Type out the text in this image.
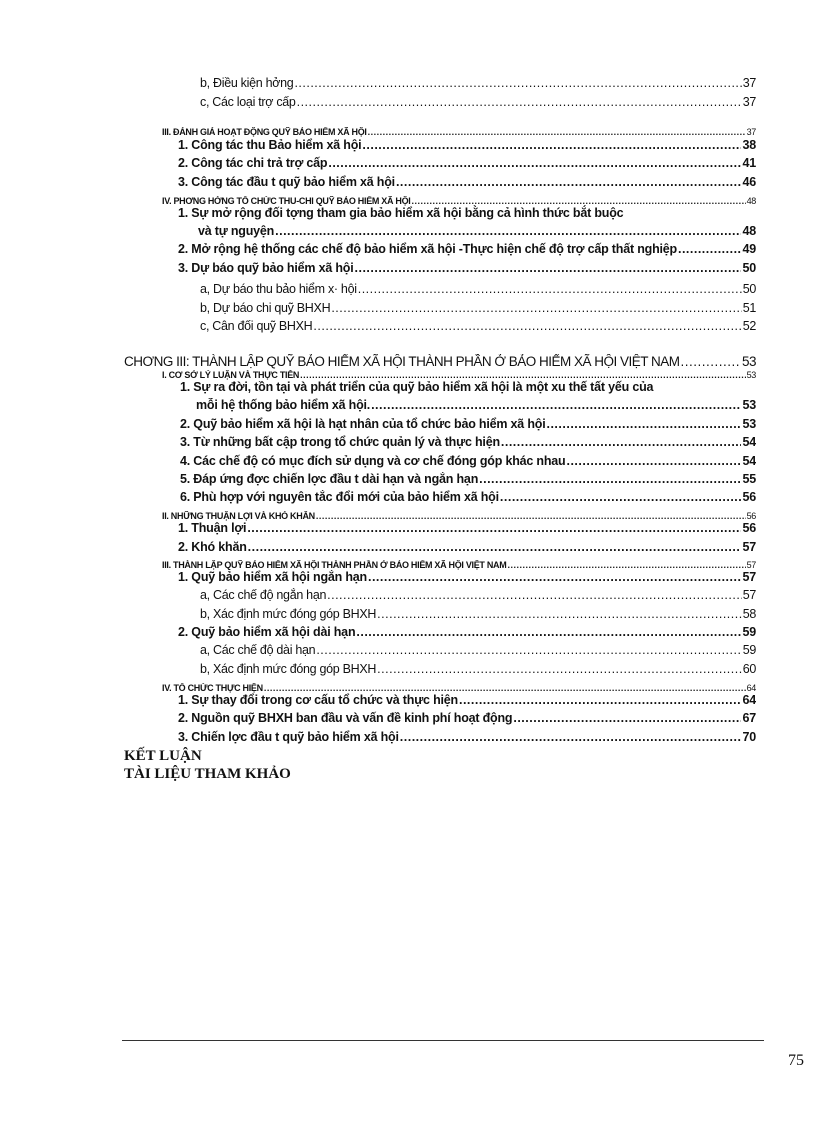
b, Điều kiện hởng .....	37
c, Các loại trợ cấp .....	37
III. ĐÁNH GIÁ HOẠT ĐỘNG QUỸ BẢO HIỂM XÃ HỘI .....	37
1. Công tác thu Bảo hiểm xã hội .....	38
2. Công tác chi trả trợ cấp .....	41
3. Công tác đầu t quỹ bảo hiểm xã hội .....	46
IV. PHƠNG HỚNG TỔ CHỨC THU-CHI QUỸ BẢO HIỂM XÃ HỘI .....	48
1. Sự mở rộng đối tợng tham gia bảo hiểm xã hội bằng cả hình thức bắt buộc
và tự nguyện .....	48
2. Mở rộng hệ thống các chế độ bảo hiểm xã hội -Thực hiện chế độ trợ cấp thất nghiệp .....	49
3. Dự báo quỹ bảo hiểm xã hội .....	50
a, Dự báo thu bảo hiểm x· hội .....	50
b, Dự báo chi quỹ BHXH .....	51
c, Cân đối quỹ BHXH .....	52
CHƠNG III: THÀNH LẬP QUỸ BẢO HIỂM XÃ HỘI THÀNH PHẦN Ở BẢO HIỂM XÃ HỘI VIỆT NAM .....	53
I. CƠ SỞ LÝ LUẬN VÀ THỰC TIỄN .....	53
1. Sự ra đời, tồn tại và phát triển của quỹ bảo hiểm xã hội là một xu thế tất yếu của
mỗi hệ thống bảo hiểm xã hội. .....	53
2. Quỹ bảo hiểm xã hội là hạt nhân của tổ chức bảo hiểm xã hội .....	53
3. Từ những bất cập trong tổ chức quản lý và thực hiện .....	54
4. Các chế độ có mục đích sử dụng và cơ chế đóng góp khác nhau .....	54
5. Đáp ứng đợc chiến lợc đầu t dài hạn và ngắn hạn .....	55
6. Phù hợp với nguyên tắc đổi mới của bảo hiểm xã hội .....	56
II. NHỮNG THUẬN LỢI VÀ KHÓ KHĂN .....	56
1. Thuận lợi .....	56
2. Khó khăn .....	57
III. THÀNH LẬP QUỸ BẢO HIỂM XÃ HỘI THÀNH PHẦN Ở BẢO HIỂM XÃ HỘI VIỆT NAM .....	57
1. Quỹ bảo hiểm xã hội ngắn hạn .....	57
a, Các chế độ ngắn hạn .....	57
b, Xác định mức đóng góp BHXH .....	58
2. Quỹ bảo hiểm xã hội dài hạn .....	59
a, Các chế độ dài hạn .....	59
b, Xác định mức đóng góp BHXH .....	60
IV. TỔ CHỨC THỰC HIỆN .....	64
1. Sự thay đổi trong cơ cấu tổ chức và thực hiện .....	64
2. Nguồn quỹ BHXH ban đầu và vấn đề kinh phí hoạt động .....	67
3. Chiến lợc đầu t quỹ bảo hiểm xã hội .....	70
KẾT LUẬN
TÀI LIỆU THAM KHẢO
75
